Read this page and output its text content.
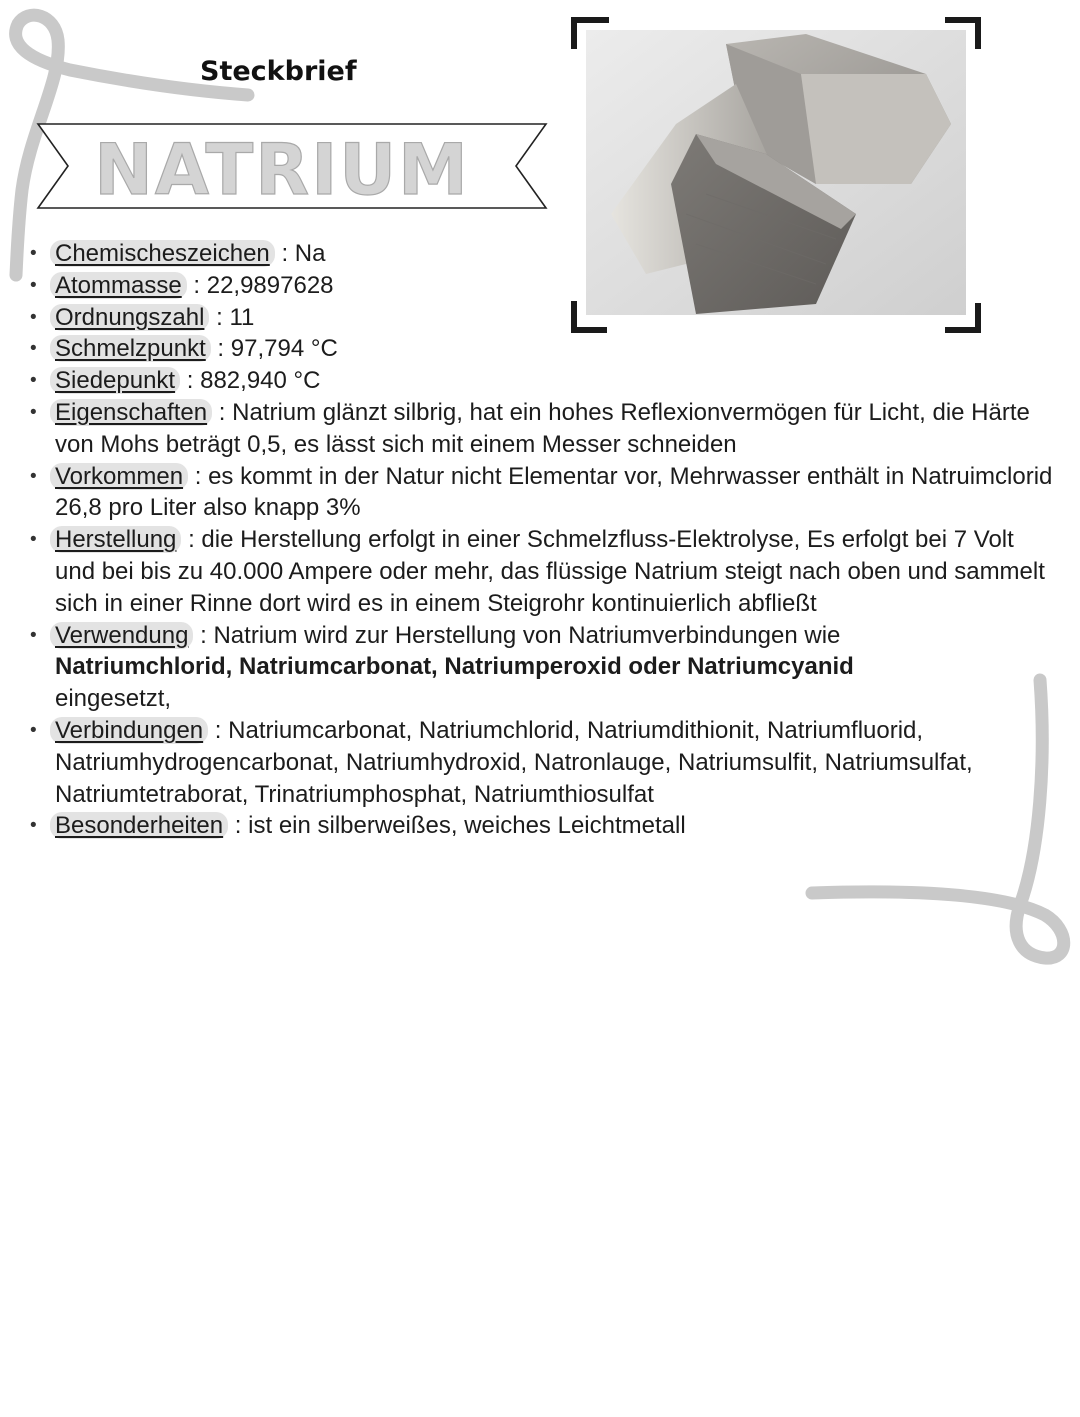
Steckbrief
NATRIUM
• Chemischeszeichen : Na
• Atommasse : 22,9897628
• Ordnungszahl : 11
• Schmelzpunkt : 97,794 °C
• Siedepunkt : 882,940 °C
• Eigenschaften : Natrium glänzt silbrig, hat ein hohes Reflexionvermögen für Licht, die Härte von Mohs beträgt 0,5, es lässt sich mit einem Messer schneiden
• Vorkommen : es kommt in der Natur nicht Elementar vor, Mehrwasser enthält in Natruimclorid 26,8 pro Liter also knapp 3%
• Herstellung : die Herstellung erfolgt in einer Schmelzfluss-Elektrolyse, Es erfolgt bei 7 Volt und bei bis zu 40.000 Ampere oder mehr, das flüssige Natrium steigt nach oben und sammelt sich in einer Rinne dort wird es in einem Steigrohr kontinuierlich abfließt
• Verwendung : Natrium wird zur Herstellung von Natriumverbindungen wie
Natriumchlorid, Natriumcarbonat, Natriumperoxid oder Natriumcyanid
eingesetzt,
• Verbindungen : Natriumcarbonat, Natriumchlorid, Natriumdithionit, Natriumfluorid, Natriumhydrogencarbonat, Natriumhydroxid, Natronlauge, Natriumsulfit, Natriumsulfat, Natriumtetraborat, Trinatriumphosphat, Natriumthiosulfat
• Besonderheiten : ist ein silberweißes, weiches Leichtmetall
